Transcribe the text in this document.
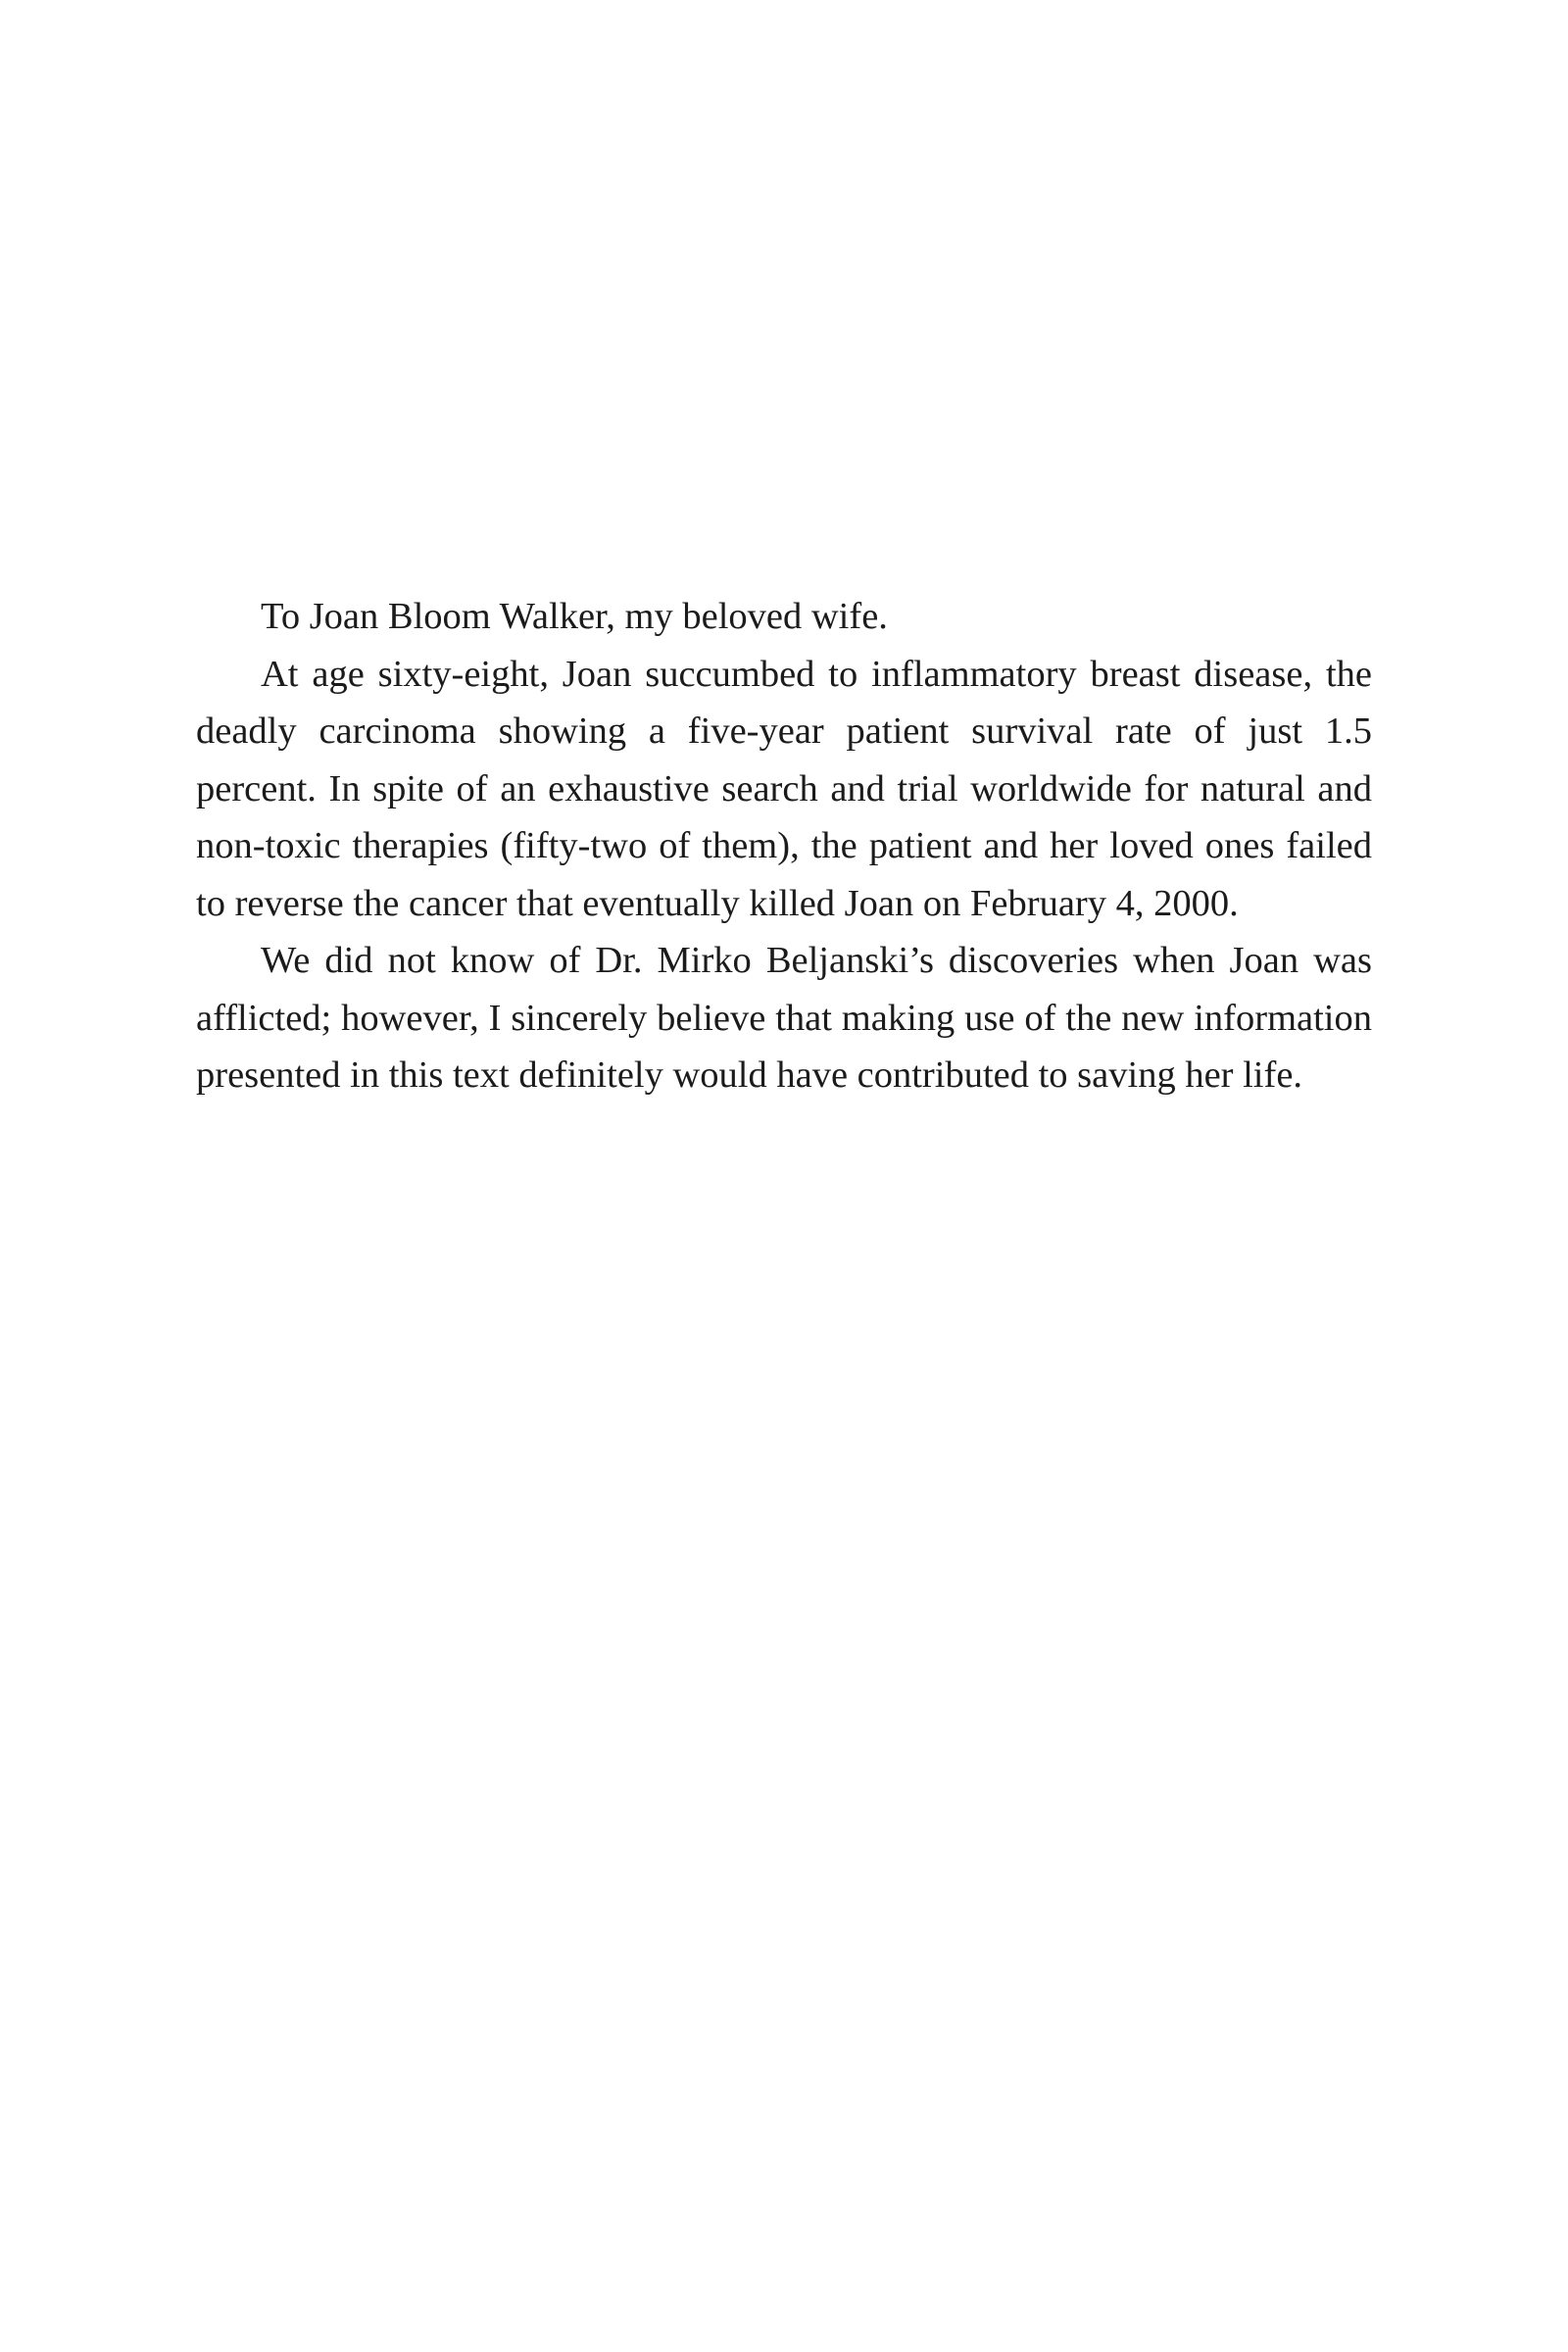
To Joan Bloom Walker, my beloved wife.

At age sixty-eight, Joan succumbed to inflammatory breast disease, the deadly carcinoma showing a five-year patient survival rate of just 1.5 percent. In spite of an exhaustive search and trial worldwide for natural and non-toxic therapies (fifty-two of them), the patient and her loved ones failed to reverse the cancer that eventually killed Joan on February 4, 2000.

We did not know of Dr. Mirko Beljanski’s discoveries when Joan was afflicted; however, I sincerely believe that making use of the new information presented in this text definitely would have contributed to saving her life.
